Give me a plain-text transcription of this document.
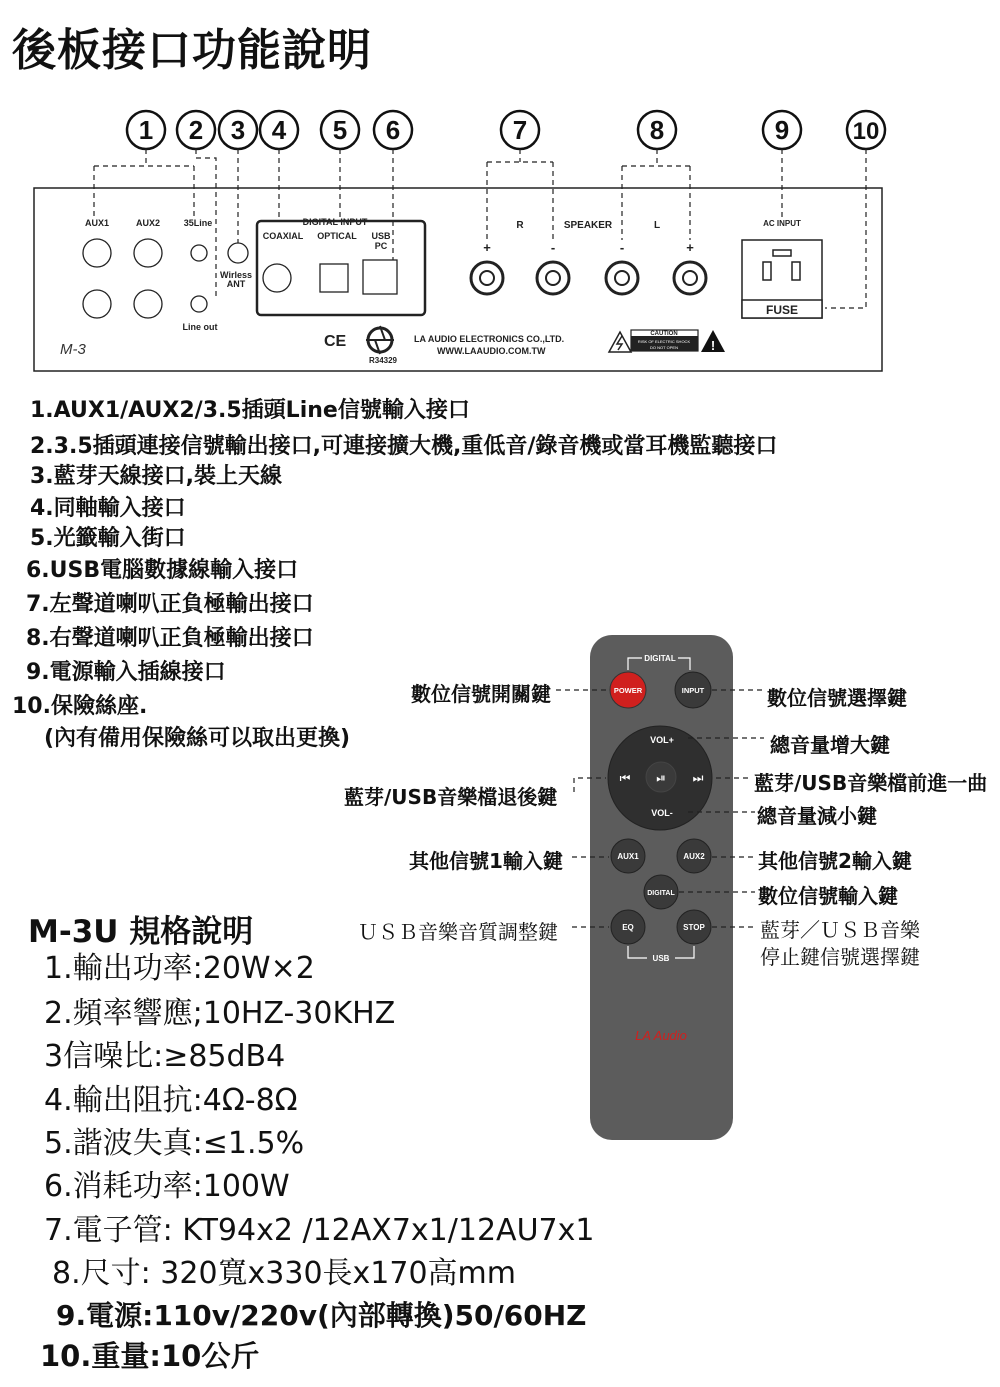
後板接口功能說明
1 2 3 4 5 6	7	8	9	10
AUX1	AUX2	35Line
Wirless
ANT
Line out
DIGITAL INPUT
COAXIAL OPTICAL USB
PC
R	SPEAKER	L
+	-	-	+
AC INPUT
FUSE
M-3	CE
R34329
LA AUDIO ELECTRONICS CO.,LTD.
WWW.LAAUDIO.COM.TW
CAUTION
RISK OF ELECTRIC SHOCK
DO NOT OPEN	!
1.AUX1/AUX2/3.5插頭Line信號輸入接口
2.3.5插頭連接信號輸出接口,可連接擴大機,重低音/錄音機或當耳機監聽接口
3.藍芽天線接口,裝上天線
4.同軸輸入接口
5.光籤輸入街口
6.USB電腦數據線輸入接口
7.左聲道喇叭正負極輸出接口
8.右聲道喇叭正負極輸出接口
9.電源輸入插線接口
10.保險絲座.
(內有備用保險絲可以取出更換)
DIGITAL
POWER	INPUT
VOL+
VOL-
⏮ ⏯ ⏭
AUX1	AUX2
DIGITAL
EQ	STOP
USB
LA Audio
數位信號開關鍵	數位信號選擇鍵
總音量增大鍵
藍芽/USB音樂檔退後鍵
藍芽/USB音樂檔前進一曲
總音量減小鍵
其他信號1輸入鍵	其他信號2輸入鍵
數位信號輸入鍵
ＵＳＢ音樂音質調整鍵	藍芽／ＵＳＢ音樂
停止鍵信號選擇鍵
M-3U 規格說明
1.輸出功率:20W×2
2.頻率響應;10HZ-30KHZ
3信噪比:≥85dB4
4.輸出阻抗:4Ω-8Ω
5.諧波失真:≤1.5%
6.消耗功率:100W
7.電子管: KT94x2 /12AX7x1/12AU7x1
8.尺寸: 320寬x330長x170高mm
9.電源:110v/220v(內部轉換)50/60HZ
10.重量:10公斤
